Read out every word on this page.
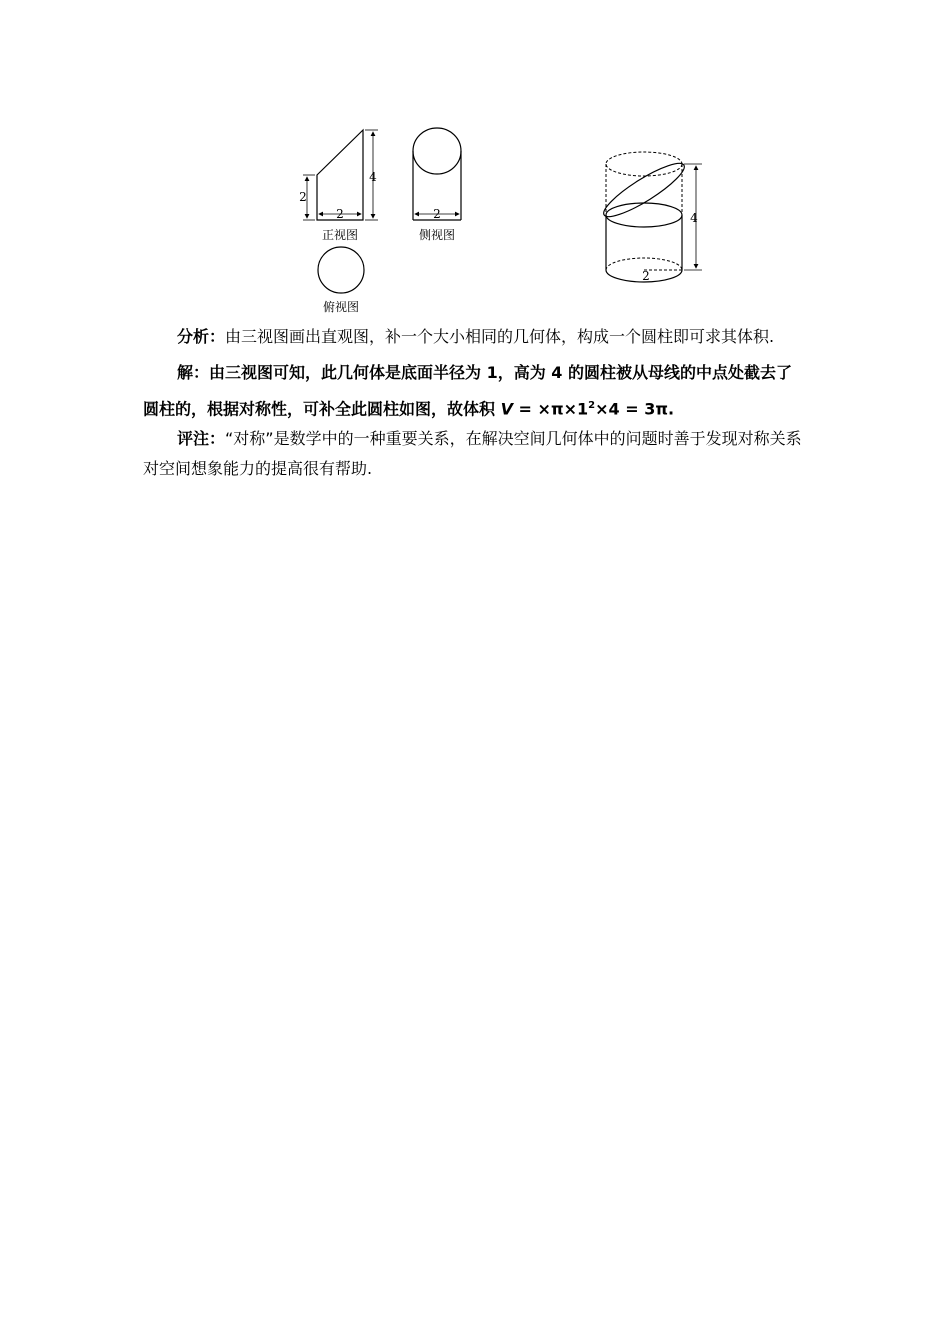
2
4
2
正视图
2
侧视图
俯视图
4
2
分析：由三视图画出直观图，补一个大小相同的几何体，构成一个圆柱即可求其体积.
解：由三视图可知，此几何体是底面半径为 1，高为 4 的圆柱被从母线的中点处截去了圆柱的，根据对称性，可补全此圆柱如图，故体积 $V = \times\pi\times 1^2\times 4 = 3\pi$.
评注：“对称”是数学中的一种重要关系，在解决空间几何体中的问题时善于发现对称关系对空间想象能力的提高很有帮助.
